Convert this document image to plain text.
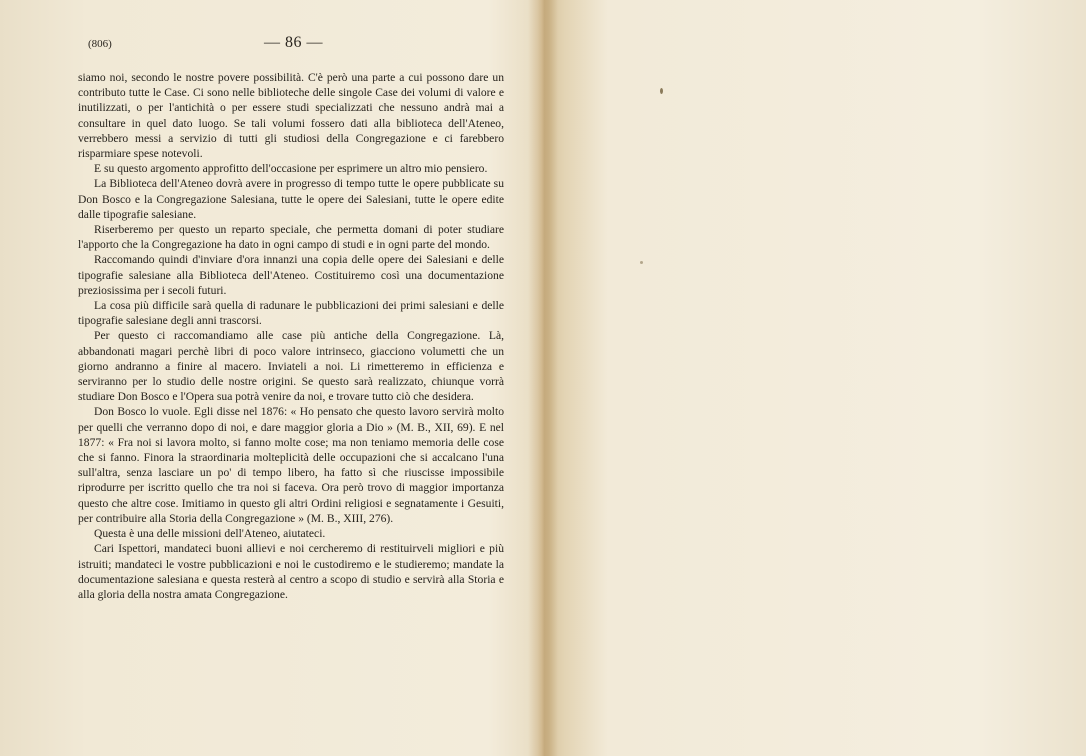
(806)	— 86 —

siamo noi, secondo le nostre povere possibilità. C'è però una parte a cui possono dare un contributo tutte le Case. Ci sono nelle biblioteche delle singole Case dei volumi di valore e inutilizzati, o per l'antichità o per essere studi specializzati che nessuno andrà mai a consultare in quel dato luogo. Se tali volumi fossero dati alla biblioteca dell'Ateneo, verrebbero messi a servizio di tutti gli studiosi della Congregazione e ci farebbero risparmiare spese notevoli.

E su questo argomento approfitto dell'occasione per esprimere un altro mio pensiero.

La Biblioteca dell'Ateneo dovrà avere in progresso di tempo tutte le opere pubblicate su Don Bosco e la Congregazione Salesiana, tutte le opere dei Salesiani, tutte le opere edite dalle tipografie salesiane.

Riserberemo per questo un reparto speciale, che permetta domani di poter studiare l'apporto che la Congregazione ha dato in ogni campo di studi e in ogni parte del mondo.

Raccomando quindi d'inviare d'ora innanzi una copia delle opere dei Salesiani e delle tipografie salesiane alla Biblioteca dell'Ateneo. Costituiremo così una documentazione preziosissima per i secoli futuri.

La cosa più difficile sarà quella di radunare le pubblicazioni dei primi salesiani e delle tipografie salesiane degli anni trascorsi.

Per questo ci raccomandiamo alle case più antiche della Congregazione. Là, abbandonati magari perchè libri di poco valore intrinseco, giacciono volumetti che un giorno andranno a finire al macero. Inviateli a noi. Li rimetteremo in efficienza e serviranno per lo studio delle nostre origini. Se questo sarà realizzato, chiunque vorrà studiare Don Bosco e l'Opera sua potrà venire da noi, e trovare tutto ciò che desidera.

Don Bosco lo vuole. Egli disse nel 1876: « Ho pensato che questo lavoro servirà molto per quelli che verranno dopo di noi, e dare maggior gloria a Dio » (M. B., XII, 69). E nel 1877: « Fra noi si lavora molto, si fanno molte cose; ma non teniamo memoria delle cose che si fanno. Finora la straordinaria molteplicità delle occupazioni che si accalcano l'una sull'altra, senza lasciare un po' di tempo libero, ha fatto sì che riuscisse impossibile riprodurre per iscritto quello che tra noi si faceva. Ora però trovo di maggior importanza questo che altre cose. Imitiamo in questo gli altri Ordini religiosi e segnatamente i Gesuiti, per contribuire alla Storia della Congregazione » (M. B., XIII, 276).

Questa è una delle missioni dell'Ateneo, aiutateci.

Cari Ispettori, mandateci buoni allievi e noi cercheremo di restituirveli migliori e più istruiti; mandateci le vostre pubblicazioni e noi le custodiremo e le studieremo; mandate la documentazione salesiana e questa resterà al centro a scopo di studio e servirà alla Storia e alla gloria della nostra amata Congregazione.
